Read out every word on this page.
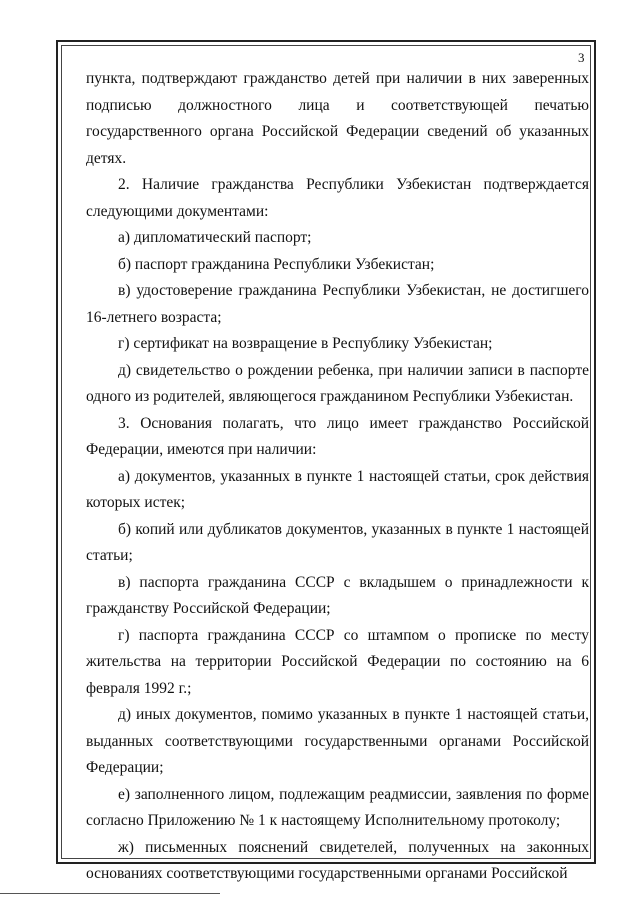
3

пункта, подтверждают гражданство детей при наличии в них заверенных подписью должностного лица и соответствующей печатью государственного органа Российской Федерации сведений об указанных детях.

2. Наличие гражданства Республики Узбекистан подтверждается следующими документами:

а) дипломатический паспорт;

б) паспорт гражданина Республики Узбекистан;

в) удостоверение гражданина Республики Узбекистан, не достигшего 16-летнего возраста;

г) сертификат на возвращение в Республику Узбекистан;

д) свидетельство о рождении ребенка, при наличии записи в паспорте одного из родителей, являющегося гражданином Республики Узбекистан.

3. Основания полагать, что лицо имеет гражданство Российской Федерации, имеются при наличии:

а) документов, указанных в пункте 1 настоящей статьи, срок действия которых истек;

б) копий или дубликатов документов, указанных в пункте 1 настоящей статьи;

в) паспорта гражданина СССР с вкладышем о принадлежности к гражданству Российской Федерации;

г) паспорта гражданина СССР со штампом о прописке по месту жительства на территории Российской Федерации по состоянию на 6 февраля 1992 г.;

д) иных документов, помимо указанных в пункте 1 настоящей статьи, выданных соответствующими государственными органами Российской Федерации;

е) заполненного лицом, подлежащим реадмиссии, заявления по форме согласно Приложению № 1 к настоящему Исполнительному протоколу;

ж) письменных пояснений свидетелей, полученных на законных основаниях соответствующими государственными органами Российской
